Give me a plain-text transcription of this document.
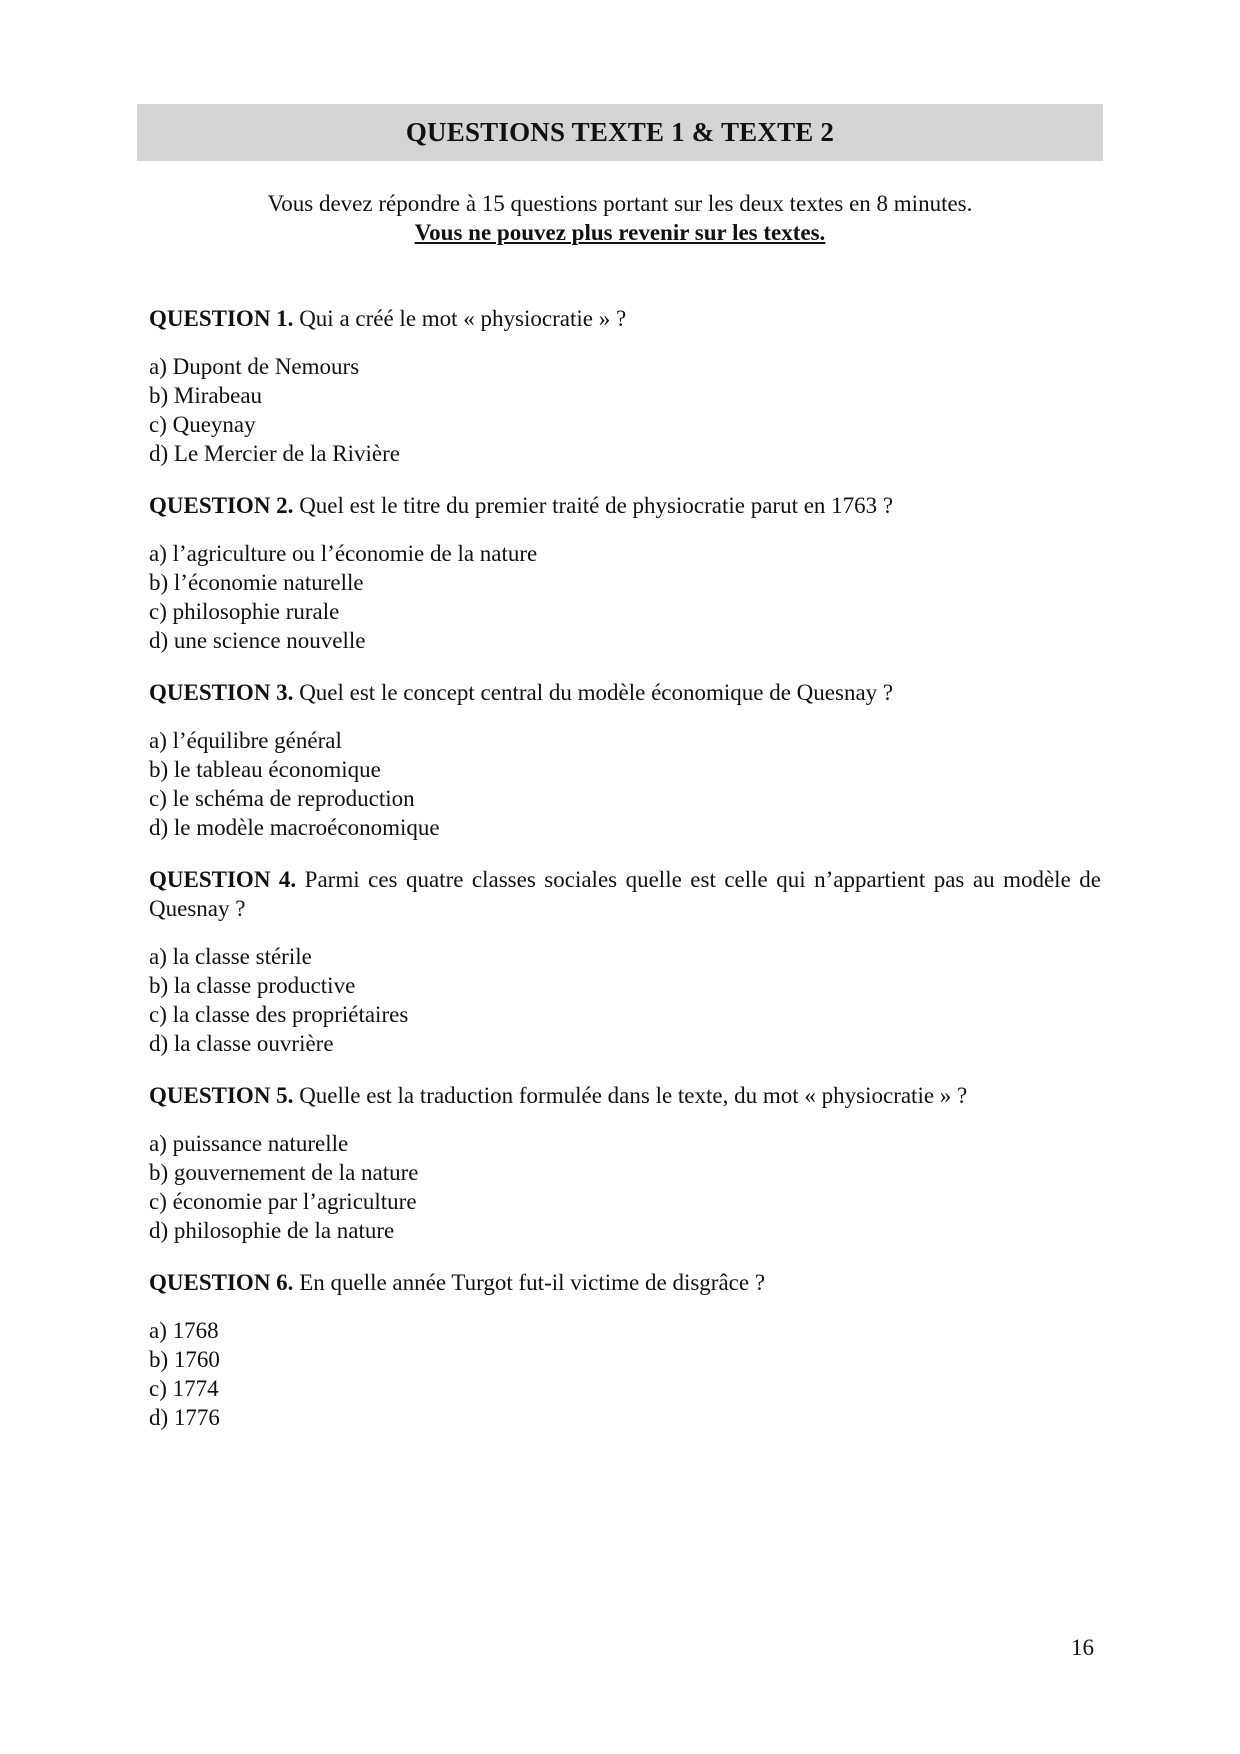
QUESTIONS TEXTE 1 & TEXTE 2
Vous devez répondre à 15 questions portant sur les deux textes en 8 minutes.
Vous ne pouvez plus revenir sur les textes.
QUESTION 1. Qui a créé le mot « physiocratie » ?
a) Dupont de Nemours
b) Mirabeau
c) Queynay
d) Le Mercier de la Rivière
QUESTION 2. Quel est le titre du premier traité de physiocratie parut en 1763 ?
a) l’agriculture ou l’économie de la nature
b) l’économie naturelle
c) philosophie rurale
d) une science nouvelle
QUESTION 3. Quel est le concept central du modèle économique de Quesnay ?
a) l’équilibre général
b) le tableau économique
c) le schéma de reproduction
d) le modèle macroéconomique
QUESTION 4. Parmi ces quatre classes sociales quelle est celle qui n’appartient pas au modèle de Quesnay ?
a) la classe stérile
b) la classe productive
c) la classe des propriétaires
d) la classe ouvrière
QUESTION 5. Quelle est la traduction formulée dans le texte, du mot « physiocratie » ?
a) puissance naturelle
b) gouvernement de la nature
c) économie par l’agriculture
d) philosophie de la nature
QUESTION 6. En quelle année Turgot fut-il victime de disgrâce ?
a) 1768
b) 1760
c) 1774
d) 1776
16
